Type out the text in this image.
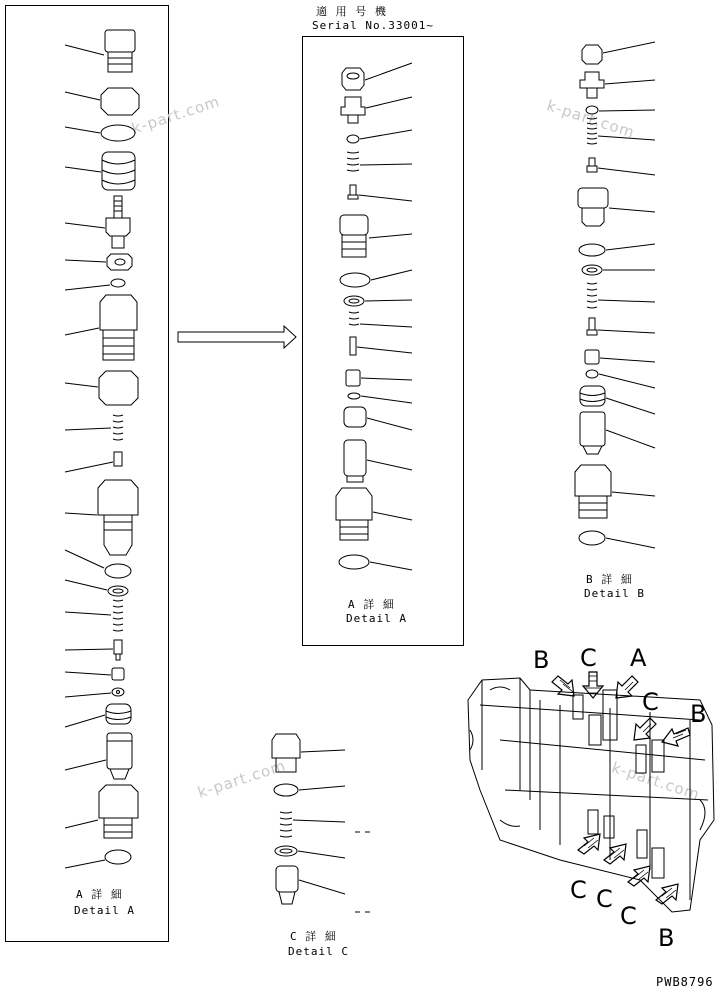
適 用 号 機
Serial No.33001~
A 詳 細
Detail A
A 詳 細
Detail A
B 詳 細
Detail B
C 詳 細
Detail C
PWB8796
B C A
C B
C C
C
B
k-part.com	k-part.com
k-part.com	k-part.com
